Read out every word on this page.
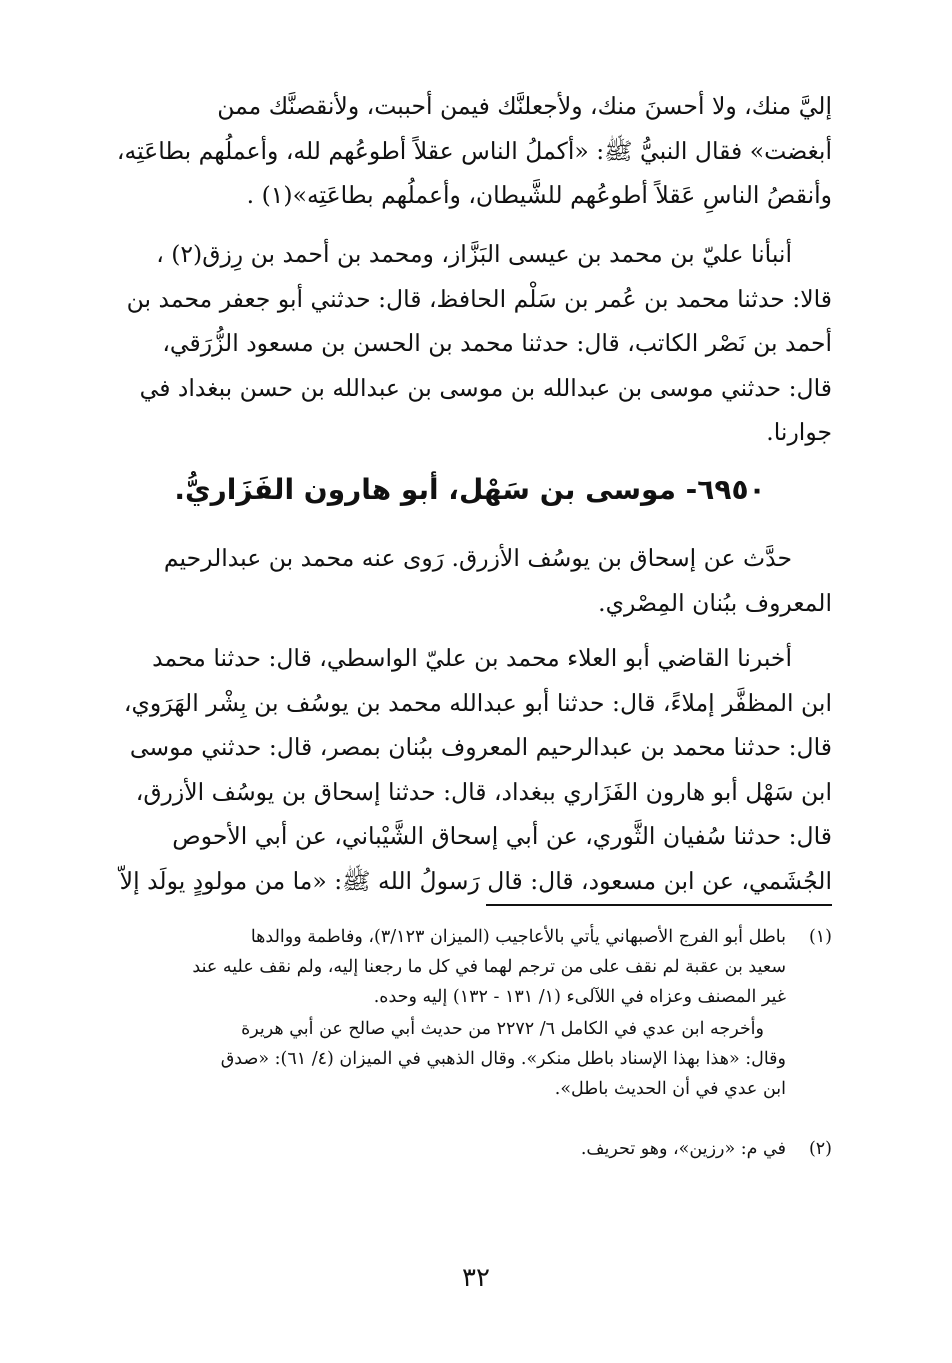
إليَّ منك، ولا أحسنَ منك، ولأجعلنَّك فيمن أحببت، ولأنقصنَّك ممن
أبغضت» فقال النبيُّ ﷺ: «أكملُ الناس عقلاً أطوعُهم لله، وأعملُهم بطاعَتِه،
وأنقصُ الناسِ عَقلاً أطوعُهم للشَّيطان، وأعملُهم بطاعَتِه»(١) .
أنبأنا عليّ بن محمد بن عيسى البَزَّاز، ومحمد بن أحمد بن رِزق(٢) ،
قالا: حدثنا محمد بن عُمر بن سَلْم الحافظ، قال: حدثني أبو جعفر محمد بن
أحمد بن نَصْر الكاتب، قال: حدثنا محمد بن الحسن بن مسعود الزُّرَقي،
قال: حدثني موسى بن عبدالله بن موسى بن عبدالله بن حسن ببغداد في
جوارنا.
٦٩٥٠- موسى بن سَهْل، أبو هارون الفَزَاريُّ.
حدَّث عن إسحاق بن يوسُف الأزرق. رَوى عنه محمد بن عبدالرحيم
المعروف ببُنان المِصْري.
أخبرنا القاضي أبو العلاء محمد بن عليّ الواسطي، قال: حدثنا محمد
ابن المظفَّر إملاءً، قال: حدثنا أبو عبدالله محمد بن يوسُف بن بِشْر الهَرَوي،
قال: حدثنا محمد بن عبدالرحيم المعروف ببُنان بمصر، قال: حدثني موسى
ابن سَهْل أبو هارون الفَزَاري ببغداد، قال: حدثنا إسحاق بن يوسُف الأزرق،
قال: حدثنا سُفيان الثَّوري، عن أبي إسحاق الشَّيْباني، عن أبي الأحوص
الجُشَمي، عن ابن مسعود، قال: قال رَسولُ الله ﷺ: «ما من مولودٍ يولَد إلاّ
(١)باطل أبو الفرج الأصبهاني يأتي بالأعاجيب (الميزان ٣/١٢٣)، وفاطمة ووالدها
سعيد بن عقبة لم نقف على من ترجم لهما في كل ما رجعنا إليه، ولم نقف عليه عند
غير المصنف وعزاه في اللآلىء (١/ ١٣١ - ١٣٢) إليه وحده.
وأخرجه ابن عدي في الكامل ٦/ ٢٢٧٢ من حديث أبي صالح عن أبي هريرة
وقال: «هذا بهذا الإسناد باطل منكر». وقال الذهبي في الميزان (٤/ ٦١): «صدق
ابن عدي في أن الحديث باطل».
(٢)في م: «رزين»، وهو تحريف.
٣٢
